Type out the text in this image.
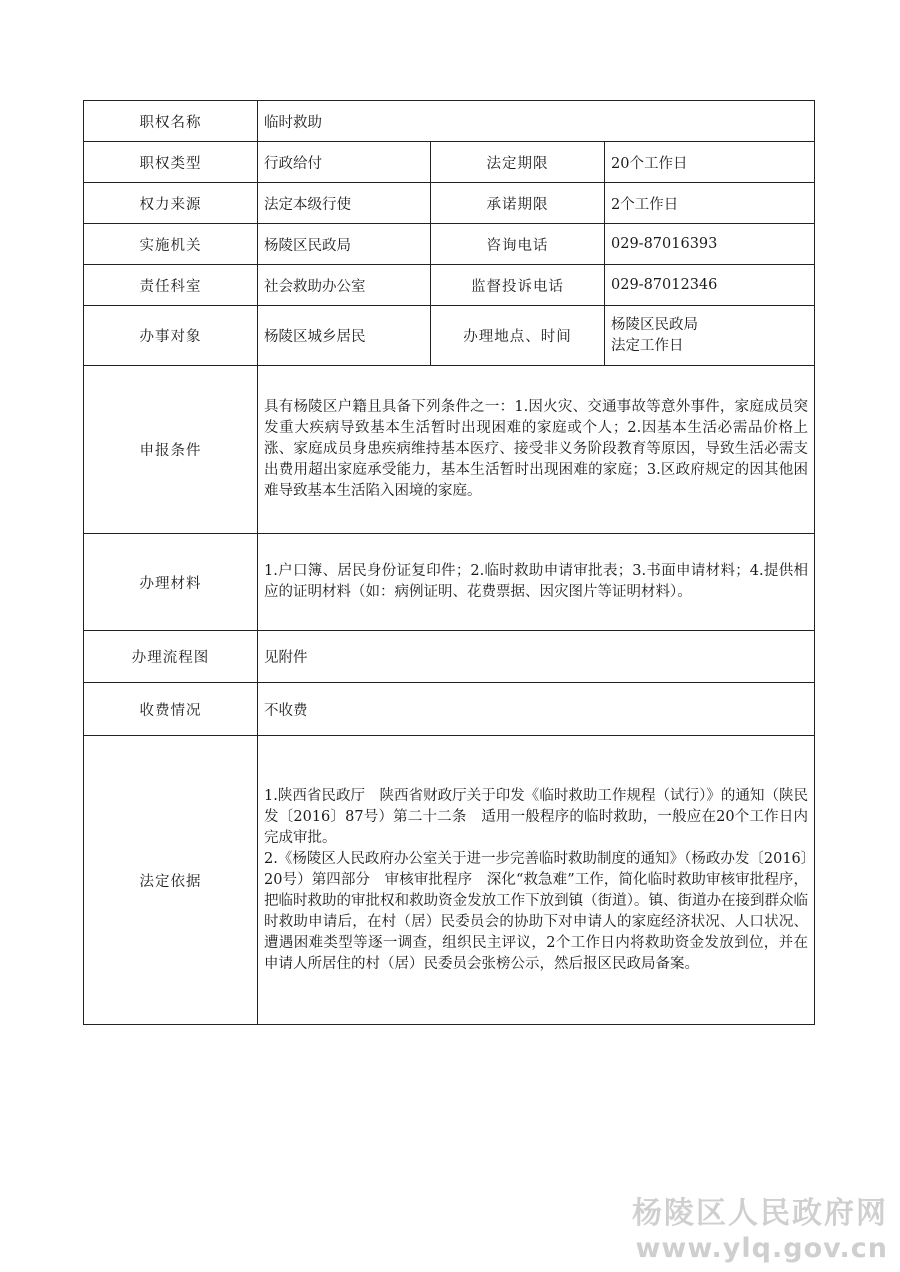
职权名称	临时救助		
职权类型	行政给付	法定期限	20个工作日
权力来源	法定本级行使	承诺期限	2个工作日
实施机关	杨陵区民政局	咨询电话	029-87016393
责任科室	社会救助办公室	监督投诉电话	029-87012346
办事对象	杨陵区城乡居民	办理地点、时间	杨陵区民政局
法定工作日

申报条件	具有杨陵区户籍且具备下列条件之一：1.因火灾、交通事故等意外事件，家庭成员突发重大疾病导致基本生活暂时出现困难的家庭或个人；2.因基本生活必需品价格上涨、家庭成员身患疾病维持基本医疗、接受非义务阶段教育等原因，导致生活必需支出费用超出家庭承受能力，基本生活暂时出现困难的家庭；3.区政府规定的因其他困难导致基本生活陷入困境的家庭。		
办理材料	1.户口簿、居民身份证复印件；2.临时救助申请审批表；3.书面申请材料；4.提供相应的证明材料（如：病例证明、花费票据、因灾图片等证明材料）。		
办理流程图	见附件		
收费情况	不收费		
法定依据	1.陕西省民政厅　陕西省财政厅关于印发《临时救助工作规程（试行）》的通知（陕民发〔2016〕87号）第二十二条　适用一般程序的临时救助，一般应在20个工作日内完成审批。
2.《杨陵区人民政府办公室关于进一步完善临时救助制度的通知》（杨政办发〔2016〕20号）第四部分　审核审批程序　深化“救急难”工作，简化临时救助审核审批程序，把临时救助的审批权和救助资金发放工作下放到镇（街道）。镇、街道办在接到群众临时救助申请后，在村（居）民委员会的协助下对申请人的家庭经济状况、人口状况、遭遇困难类型等逐一调查，组织民主评议，2个工作日内将救助资金发放到位，并在申请人所居住的村（居）民委员会张榜公示，然后报区民政局备案。		
杨陵区人民政府网
www.ylq.gov.cn
